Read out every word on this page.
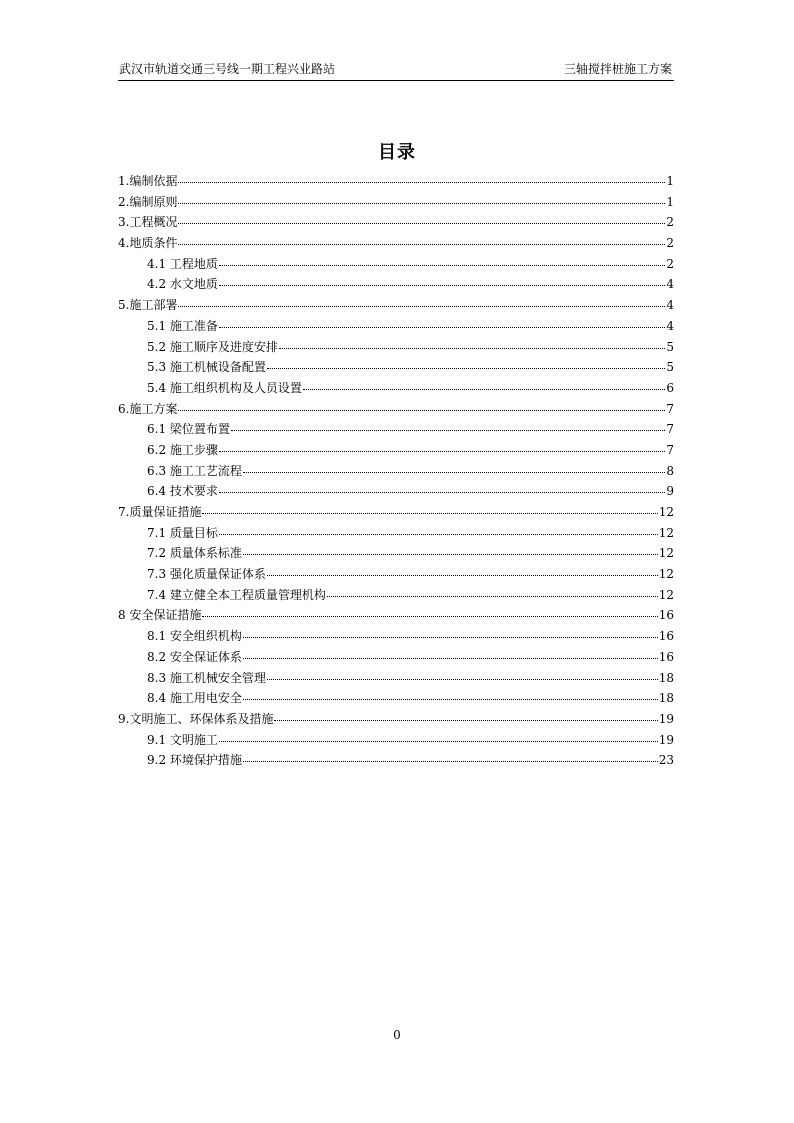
武汉市轨道交通三号线一期工程兴业路站	三轴搅拌桩施工方案
目录
1.编制依据	1
2.编制原则	1
3.工程概况	2
4.地质条件	2
4.1 工程地质	2
4.2 水文地质	4
5.施工部署	4
5.1 施工准备	4
5.2 施工顺序及进度安排	5
5.3 施工机械设备配置	5
5.4 施工组织机构及人员设置	6
6.施工方案	7
6.1 梁位置布置	7
6.2 施工步骤	7
6.3 施工工艺流程	8
6.4 技术要求	9
7.质量保证措施	12
7.1 质量目标	12
7.2 质量体系标准	12
7.3 强化质量保证体系	12
7.4 建立健全本工程质量管理机构	12
8 安全保证措施	16
8.1 安全组织机构	16
8.2 安全保证体系	16
8.3 施工机械安全管理	18
8.4 施工用电安全	18
9.文明施工、环保体系及措施	19
9.1 文明施工	19
9.2 环境保护措施	23
0
